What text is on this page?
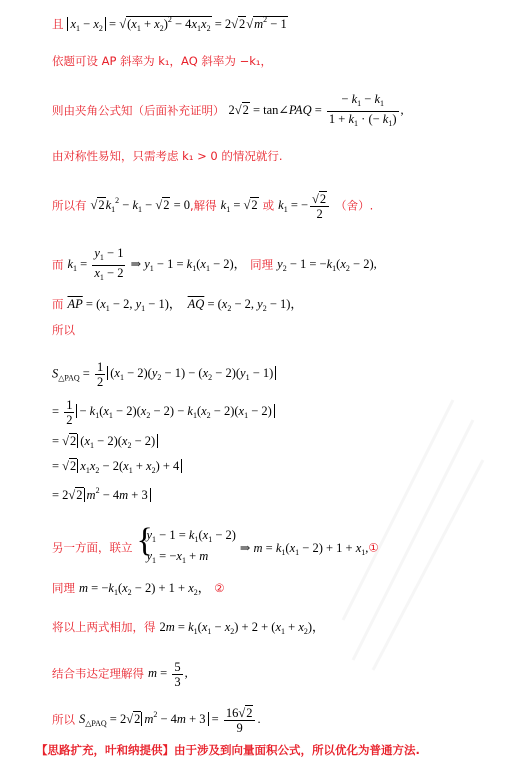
且 $x_1 - x_2 = √(x_1 + x_2)^2 - 4x_1x_2 = 2√2√m^2 - 1$
依题可设 AP 斜率为 k₁，AQ 斜率为 −k₁，
则由夹角公式知（后面补充证明） 2√2 = tan∠PAQ = $\frac{- k_1 - k_1}{1 + k_1 \cdot (- k_1)}$ ,
由对称性易知，只需考虑 k₁ > 0 的情况就行.
所以有 $√2k_1^2 - k_1 - √2 = 0$,解得 $k_1 = √2$ 或 $k_1$ = − $\frac{√2}{2}$ （舍）.
而 $k_1 = \frac{y_1 - 1}{x_1 - 2}$ ⇒ $y_1 - 1 = k_1(x_1 - 2)$， 同理 $y_2 - 1 = -k_1(x_2 - 2)$,
而 $\overline{AP} = (x_1 - 2$, $y_1 - 1$)，  $\overline{AQ} = (x_2 - 2$, $y_2 - 1$)，
所以
$S_{\triangle PAQ} = \frac{1}{2} (x_1 - 2)(y_2 - 1) - (x_2 - 2)(y_1 - 1)$
= $\frac{1}{2} - k_1(x_1 - 2)(x_2 - 2) - k_1(x_2 - 2)(x_1 - 2)$
= √2 $(x_1 - 2)(x_2 - 2)$
= √2 $x_1x_2 - 2(x_1 + x_2) + 4$
= 2√2 $m^2 - 4m + 3$
另一方面，联立
{ $y_1 - 1 = k_1(x_1 - 2)$
$y_1 = -x_1 + m$
⇒ $m = k_1(x_1 - 2) + 1$ + $x_1,①$
同理 $m = -k_1(x_2 - 2) + 1 + x_2$， ②
将以上两式相加，得 $2m = k_1(x_1 - x_2) + 2 + (x_1 + x_2)$，
结合韦达定理解得 $m = \frac{5}{3}$ ,
所以 $S_{\triangle PAQ} = 2√2$ $m^2 - 4m + 3 = \frac{16√2}{9}$ .
【思路扩充，叶和纳提供】由于涉及到向量面积公式，所以优化为普通方法.
